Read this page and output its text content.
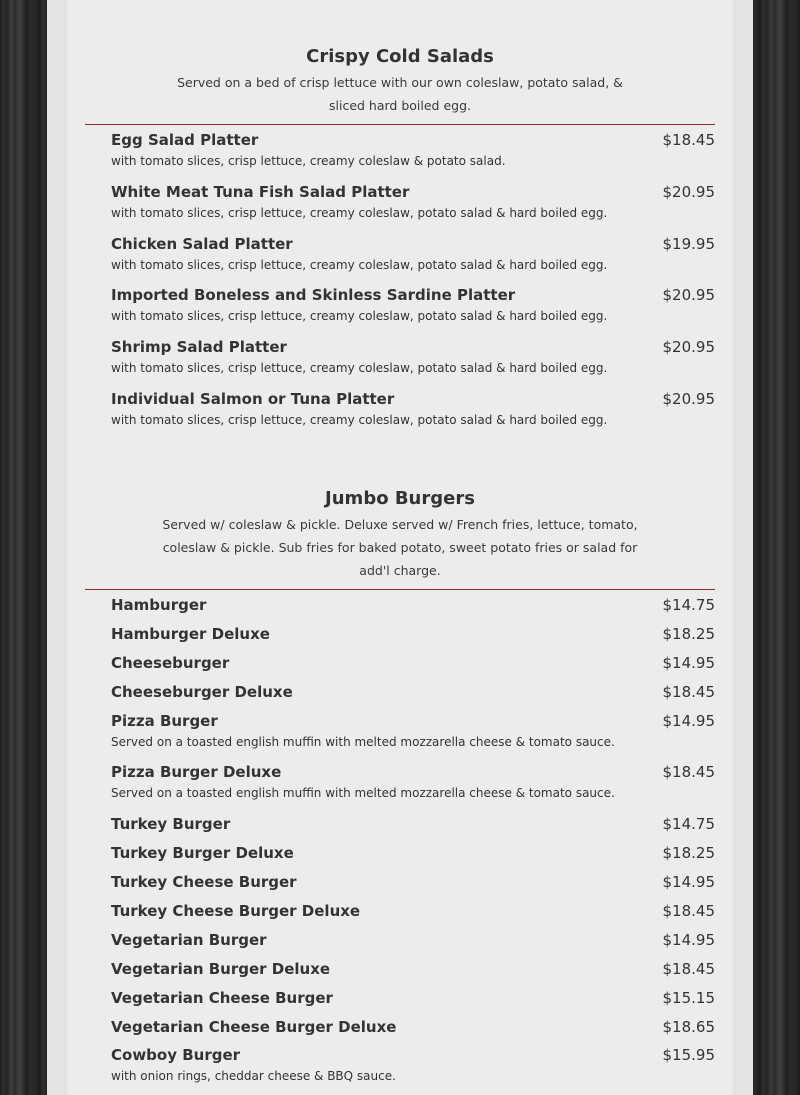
Crispy Cold Salads
Served on a bed of crisp lettuce with our own coleslaw, potato salad, & sliced hard boiled egg.
Egg Salad Platter	$18.45
with tomato slices, crisp lettuce, creamy coleslaw & potato salad.
White Meat Tuna Fish Salad Platter	$20.95
with tomato slices, crisp lettuce, creamy coleslaw, potato salad & hard boiled egg.
Chicken Salad Platter	$19.95
with tomato slices, crisp lettuce, creamy coleslaw, potato salad & hard boiled egg.
Imported Boneless and Skinless Sardine Platter	$20.95
with tomato slices, crisp lettuce, creamy coleslaw, potato salad & hard boiled egg.
Shrimp Salad Platter	$20.95
with tomato slices, crisp lettuce, creamy coleslaw, potato salad & hard boiled egg.
Individual Salmon or Tuna Platter	$20.95
with tomato slices, crisp lettuce, creamy coleslaw, potato salad & hard boiled egg.
Jumbo Burgers
Served w/ coleslaw & pickle. Deluxe served w/ French fries, lettuce, tomato, coleslaw & pickle. Sub fries for baked potato, sweet potato fries or salad for add'l charge.
Hamburger	$14.75
Hamburger Deluxe	$18.25
Cheeseburger	$14.95
Cheeseburger Deluxe	$18.45
Pizza Burger	$14.95
Served on a toasted english muffin with melted mozzarella cheese & tomato sauce.
Pizza Burger Deluxe	$18.45
Served on a toasted english muffin with melted mozzarella cheese & tomato sauce.
Turkey Burger	$14.75
Turkey Burger Deluxe	$18.25
Turkey Cheese Burger	$14.95
Turkey Cheese Burger Deluxe	$18.45
Vegetarian Burger	$14.95
Vegetarian Burger Deluxe	$18.45
Vegetarian Cheese Burger	$15.15
Vegetarian Cheese Burger Deluxe	$18.65
Cowboy Burger	$15.95
with onion rings, cheddar cheese & BBQ sauce.
